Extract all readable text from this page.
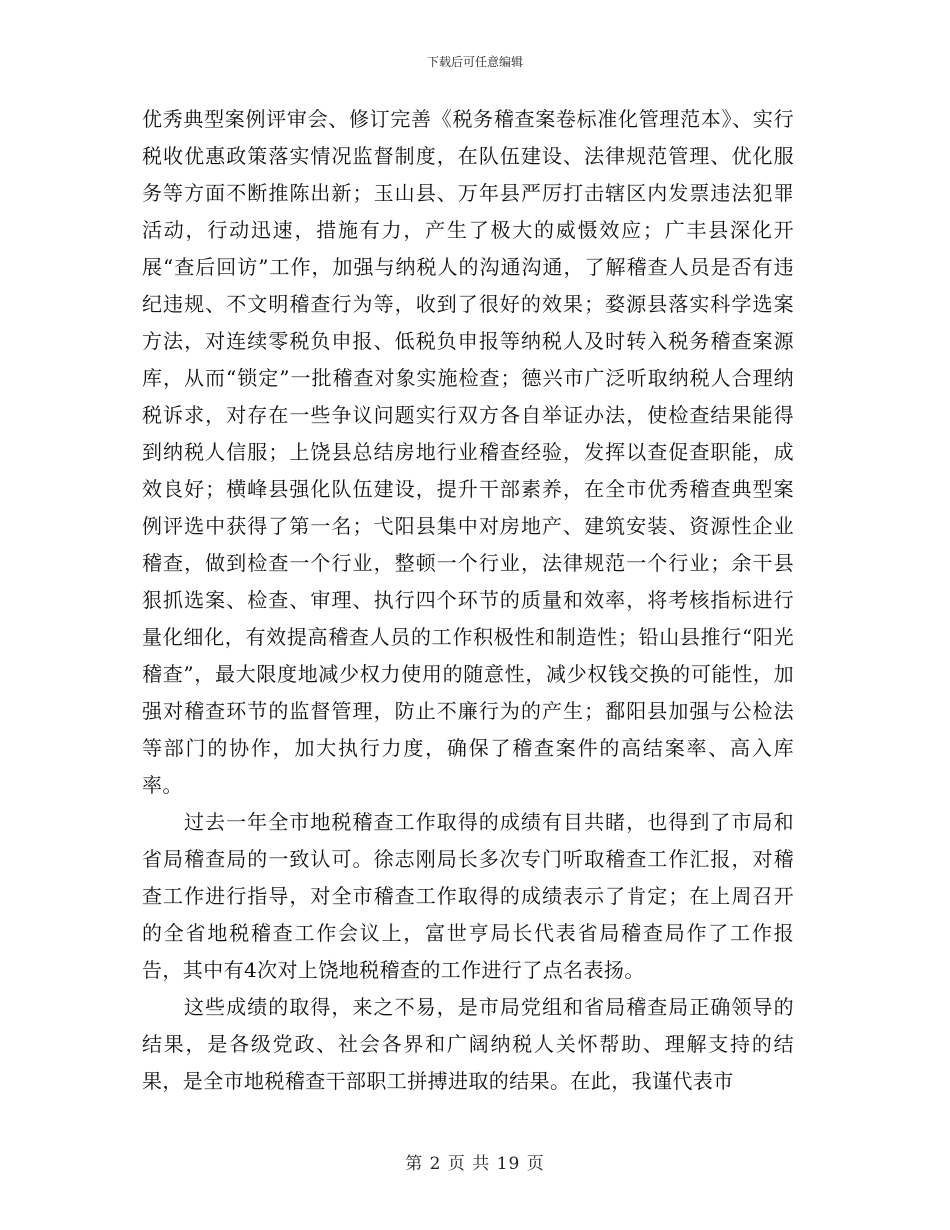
下载后可任意编辑

优秀典型案例评审会、修订完善《税务稽查案卷标准化管理范本》、实行税收优惠政策落实情况监督制度，在队伍建设、法律规范管理、优化服务等方面不断推陈出新；玉山县、万年县严厉打击辖区内发票违法犯罪活动，行动迅速，措施有力，产生了极大的威慑效应；广丰县深化开展“查后回访”工作，加强与纳税人的沟通沟通，了解稽查人员是否有违纪违规、不文明稽查行为等，收到了很好的效果；婺源县落实科学选案方法，对连续零税负申报、低税负申报等纳税人及时转入税务稽查案源库，从而“锁定”一批稽查对象实施检查；德兴市广泛听取纳税人合理纳税诉求，对存在一些争议问题实行双方各自举证办法，使检查结果能得到纳税人信服；上饶县总结房地行业稽查经验，发挥以查促查职能，成效良好；横峰县强化队伍建设，提升干部素养，在全市优秀稽查典型案例评选中获得了第一名；弋阳县集中对房地产、建筑安装、资源性企业稽查，做到检查一个行业，整顿一个行业，法律规范一个行业；余干县狠抓选案、检查、审理、执行四个环节的质量和效率，将考核指标进行量化细化，有效提高稽查人员的工作积极性和制造性；铅山县推行“阳光稽查”，最大限度地减少权力使用的随意性，减少权钱交换的可能性，加强对稽查环节的监督管理，防止不廉行为的产生；鄱阳县加强与公检法等部门的协作，加大执行力度，确保了稽查案件的高结案率、高入库率。

过去一年全市地税稽查工作取得的成绩有目共睹，也得到了市局和省局稽查局的一致认可。徐志刚局长多次专门听取稽查工作汇报，对稽查工作进行指导，对全市稽查工作取得的成绩表示了肯定；在上周召开的全省地税稽查工作会议上，富世亨局长代表省局稽查局作了工作报告，其中有4次对上饶地税稽查的工作进行了点名表扬。

这些成绩的取得，来之不易，是市局党组和省局稽查局正确领导的结果，是各级党政、社会各界和广阔纳税人关怀帮助、理解支持的结果，是全市地税稽查干部职工拼搏进取的结果。在此，我谨代表市

第 2 页 共 19 页
